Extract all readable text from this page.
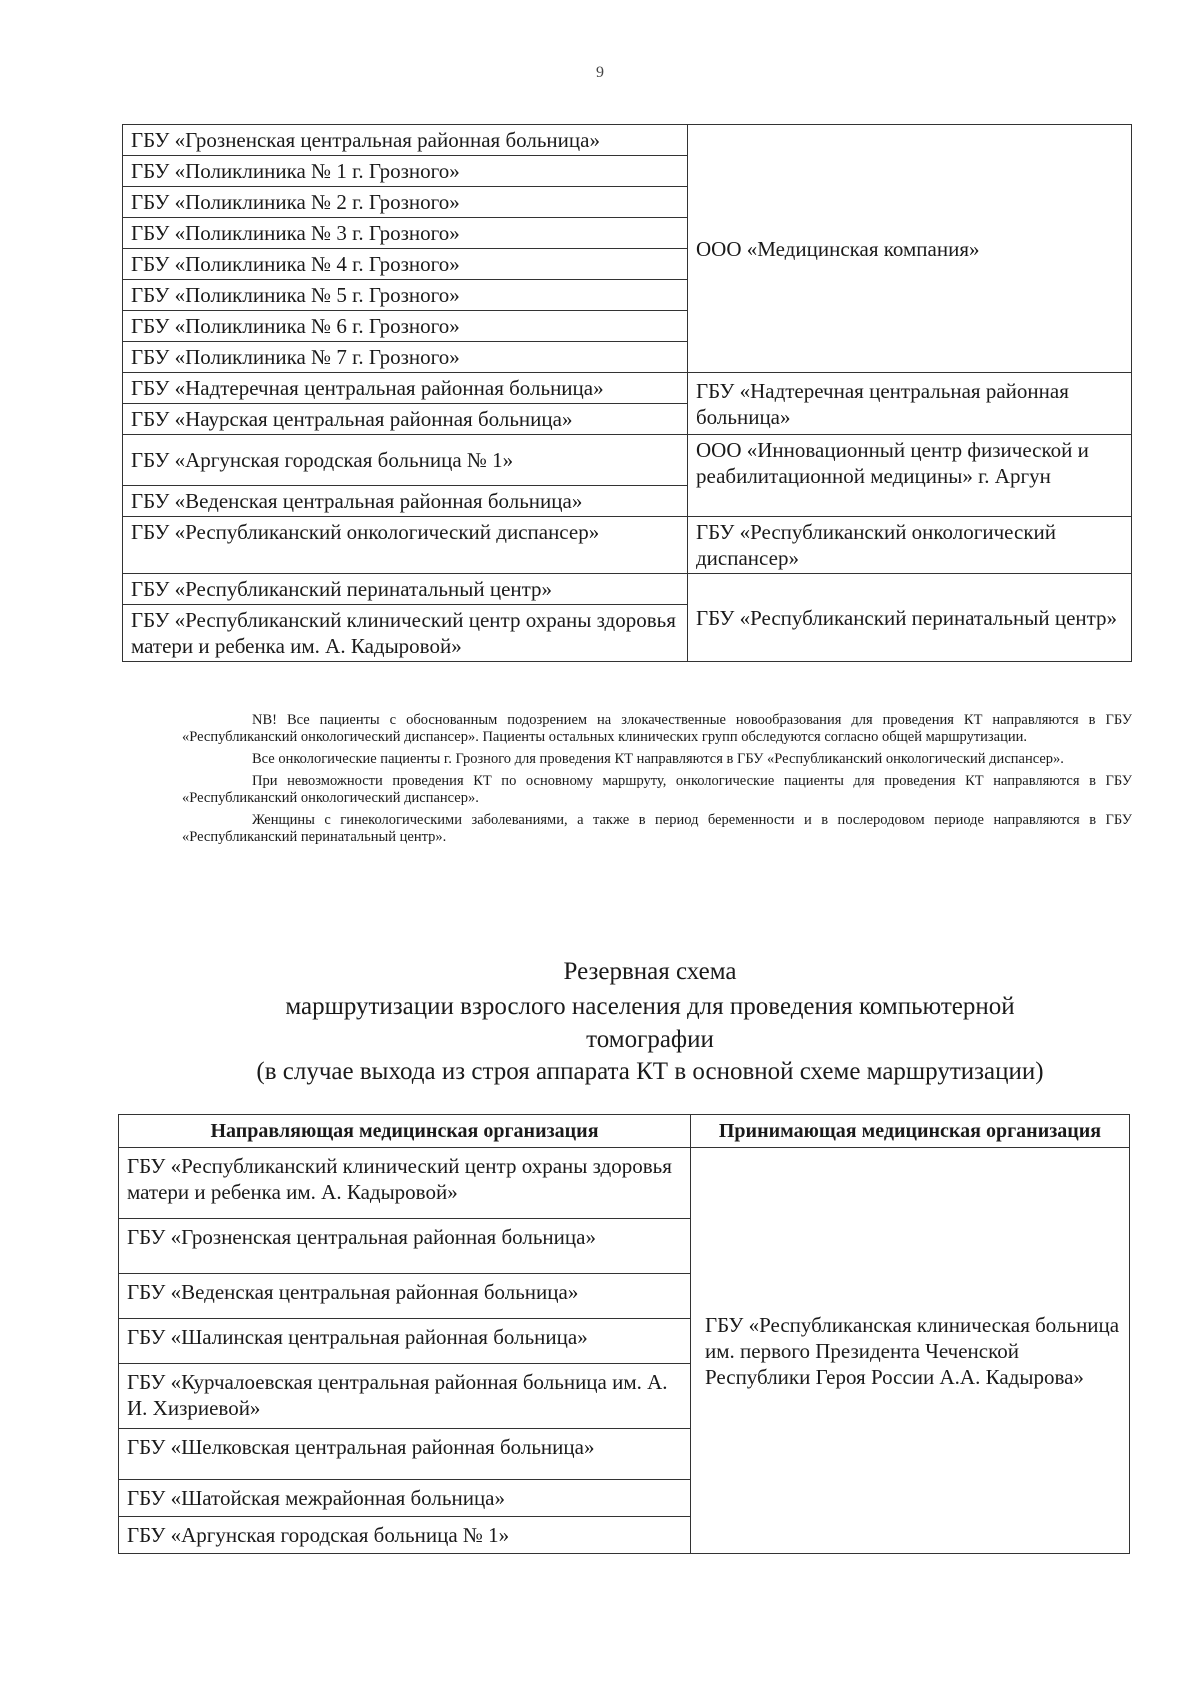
9
ГБУ «Грозненская центральная районная больница»	ООО «Медицинская компания»
ГБУ «Поликлиника № 1 г. Грозного»	
ГБУ «Поликлиника № 2 г. Грозного»	
ГБУ «Поликлиника № 3 г. Грозного»	
ГБУ «Поликлиника № 4 г. Грозного»	
ГБУ «Поликлиника № 5 г. Грозного»	
ГБУ «Поликлиника № 6 г. Грозного»	
ГБУ «Поликлиника № 7 г. Грозного»	
ГБУ «Надтеречная центральная районная больница»	ГБУ «Надтеречная центральная районная больница»
ГБУ «Наурская центральная районная больница»	
ГБУ «Аргунская городская больница № 1»	ООО «Инновационный центр физической и реабилитационной медицины» г. Аргун
ГБУ «Веденская центральная районная больница»	
ГБУ «Республиканский онкологический диспансер»	ГБУ «Республиканский онкологический диспансер»
ГБУ «Республиканский перинатальный центр»	ГБУ «Республиканский перинатальный центр»
ГБУ «Республиканский клинический центр охраны здоровья матери и ребенка им. А. Кадыровой»	

NB! Все пациенты с обоснованным подозрением на злокачественные новообразования для проведения КТ направляются в ГБУ «Республиканский онкологический диспансер». Пациенты остальных клинических групп обследуются согласно общей маршрутизации.

Все онкологические пациенты г. Грозного для проведения КТ направляются в ГБУ «Республиканский онкологический диспансер».

При невозможности проведения КТ по основному маршруту, онкологические пациенты для проведения КТ направляются в ГБУ «Республиканский онкологический диспансер».

Женщины с гинекологическими заболеваниями, а также в период беременности и в послеродовом периоде направляются в ГБУ «Республиканский перинатальный центр».

Резервная схема
маршрутизации взрослого населения для проведения компьютерной
томографии
(в случае выхода из строя аппарата КТ в основной схеме маршрутизации)
Направляющая медицинская организация	Принимающая медицинская организация
ГБУ «Республиканский клинический центр охраны здоровья матери и ребенка им. А. Кадыровой»	ГБУ «Республиканская клиническая больница им. первого Президента Чеченской Республики Героя России А.А. Кадырова»
ГБУ «Грозненская центральная районная больница»	
ГБУ «Веденская центральная районная больница»	
ГБУ «Шалинская центральная районная больница»	
ГБУ «Курчалоевская центральная районная больница им. А. И. Хизриевой»	
ГБУ «Шелковская центральная районная больница»	
ГБУ «Шатойская межрайонная больница»	
ГБУ «Аргунская городская больница № 1»	
